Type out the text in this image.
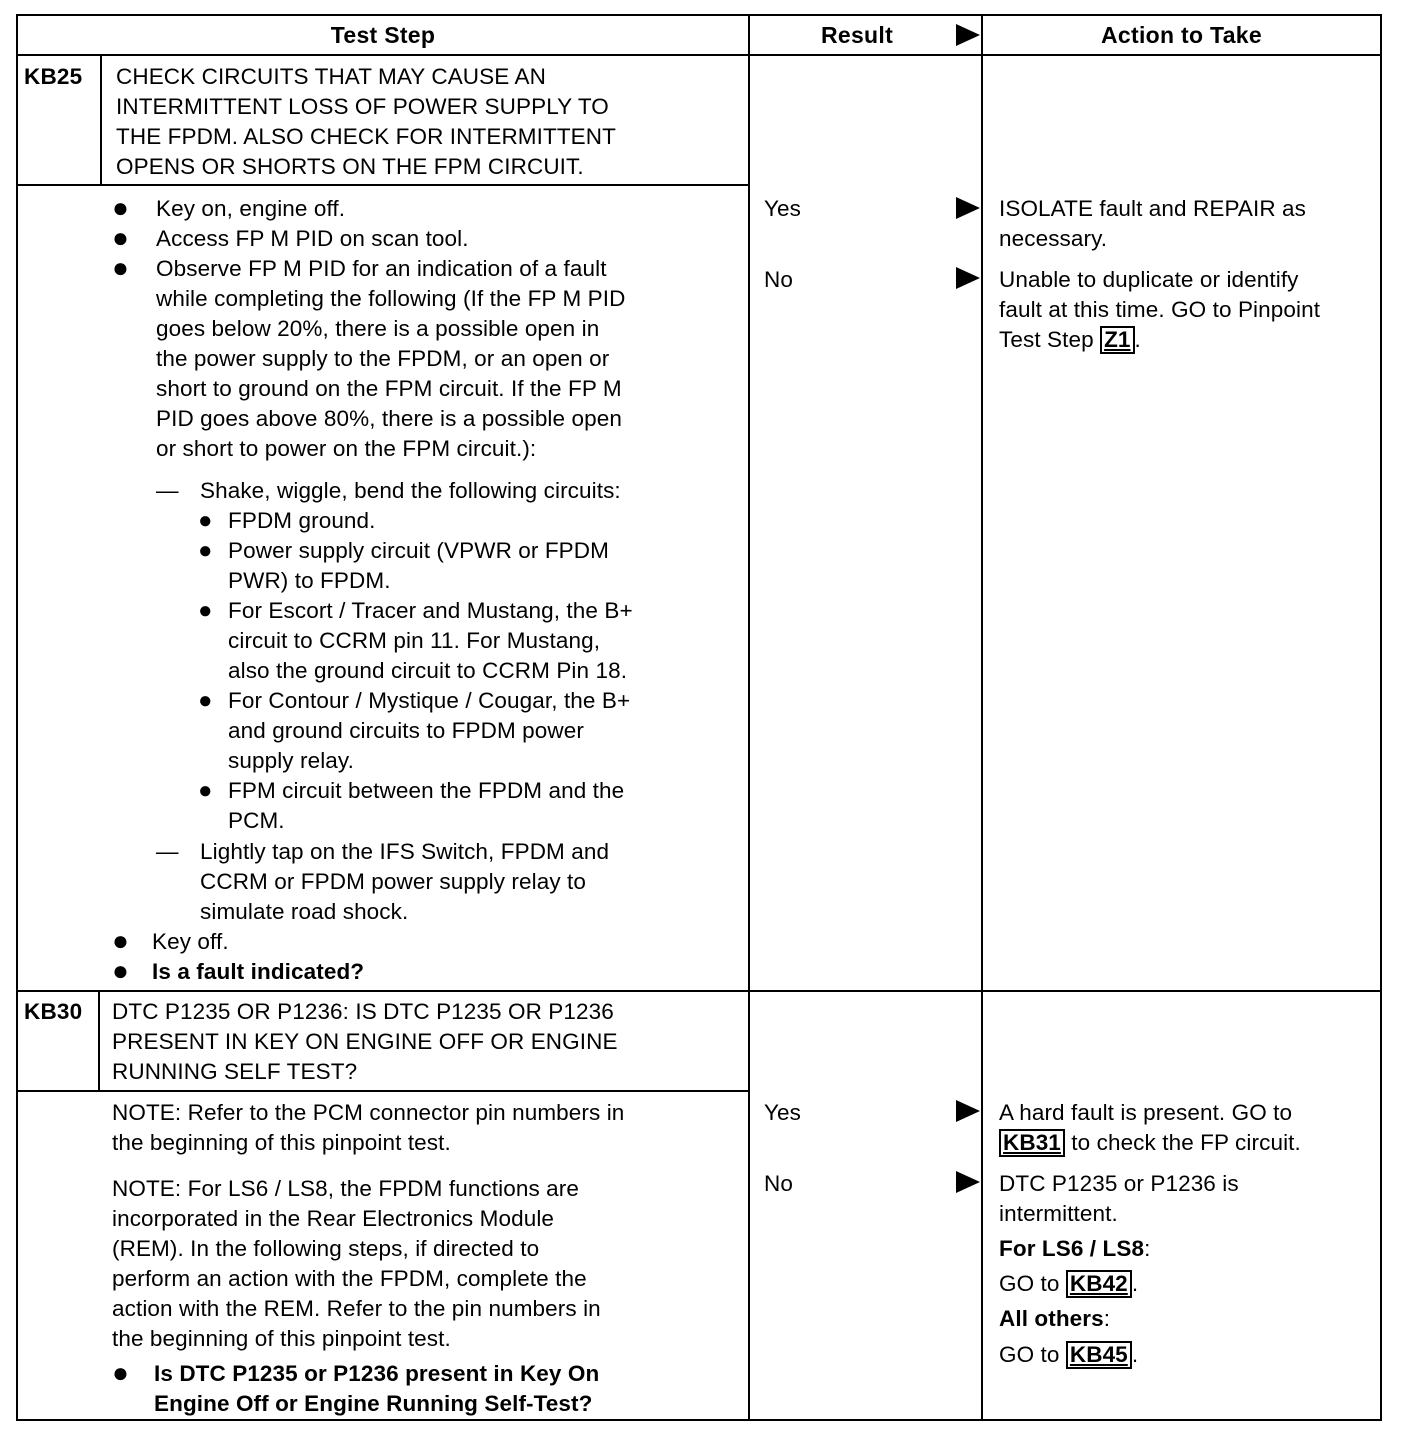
Test Step	Result	Action to Take
KB25 CHECK CIRCUITS THAT MAY CAUSE AN
INTERMITTENT LOSS OF POWER SUPPLY TO
THE FPDM. ALSO CHECK FOR INTERMITTENT
OPENS OR SHORTS ON THE FPM CIRCUIT.
● Key on, engine off.
● Access FP M PID on scan tool.
● Observe FP M PID for an indication of a fault
while completing the following (If the FP M PID
goes below 20%, there is a possible open in
the power supply to the FPDM, or an open or
short to ground on the FPM circuit. If the FP M
PID goes above 80%, there is a possible open
or short to power on the FPM circuit.):
— Shake, wiggle, bend the following circuits:
● FPDM ground.
● Power supply circuit (VPWR or FPDM
PWR) to FPDM.
● For Escort / Tracer and Mustang, the B+
circuit to CCRM pin 11. For Mustang,
also the ground circuit to CCRM Pin 18.
● For Contour / Mystique / Cougar, the B+
and ground circuits to FPDM power
supply relay.
● FPM circuit between the FPDM and the
PCM.
— Lightly tap on the IFS Switch, FPDM and
CCRM or FPDM power supply relay to
simulate road shock.
● Key off.
● Is a fault indicated?
Yes
No
ISOLATE fault and REPAIR as
necessary.
Unable to duplicate or identify
fault at this time. GO to Pinpoint
Test Step Z1 .
KB30 DTC P1235 OR P1236: IS DTC P1235 OR P1236
PRESENT IN KEY ON ENGINE OFF OR ENGINE
RUNNING SELF TEST?
NOTE: Refer to the PCM connector pin numbers in
the beginning of this pinpoint test.
NOTE: For LS6 / LS8, the FPDM functions are
incorporated in the Rear Electronics Module
(REM). In the following steps, if directed to
perform an action with the FPDM, complete the
action with the REM. Refer to the pin numbers in
the beginning of this pinpoint test.
● Is DTC P1235 or P1236 present in Key On
Engine Off or Engine Running Self-Test?
Yes
No
A hard fault is present. GO to
KB31 to check the FP circuit.
DTC P1235 or P1236 is
intermittent.
For LS6 / LS8:
GO to KB42 .
All others:
GO to KB45 .
